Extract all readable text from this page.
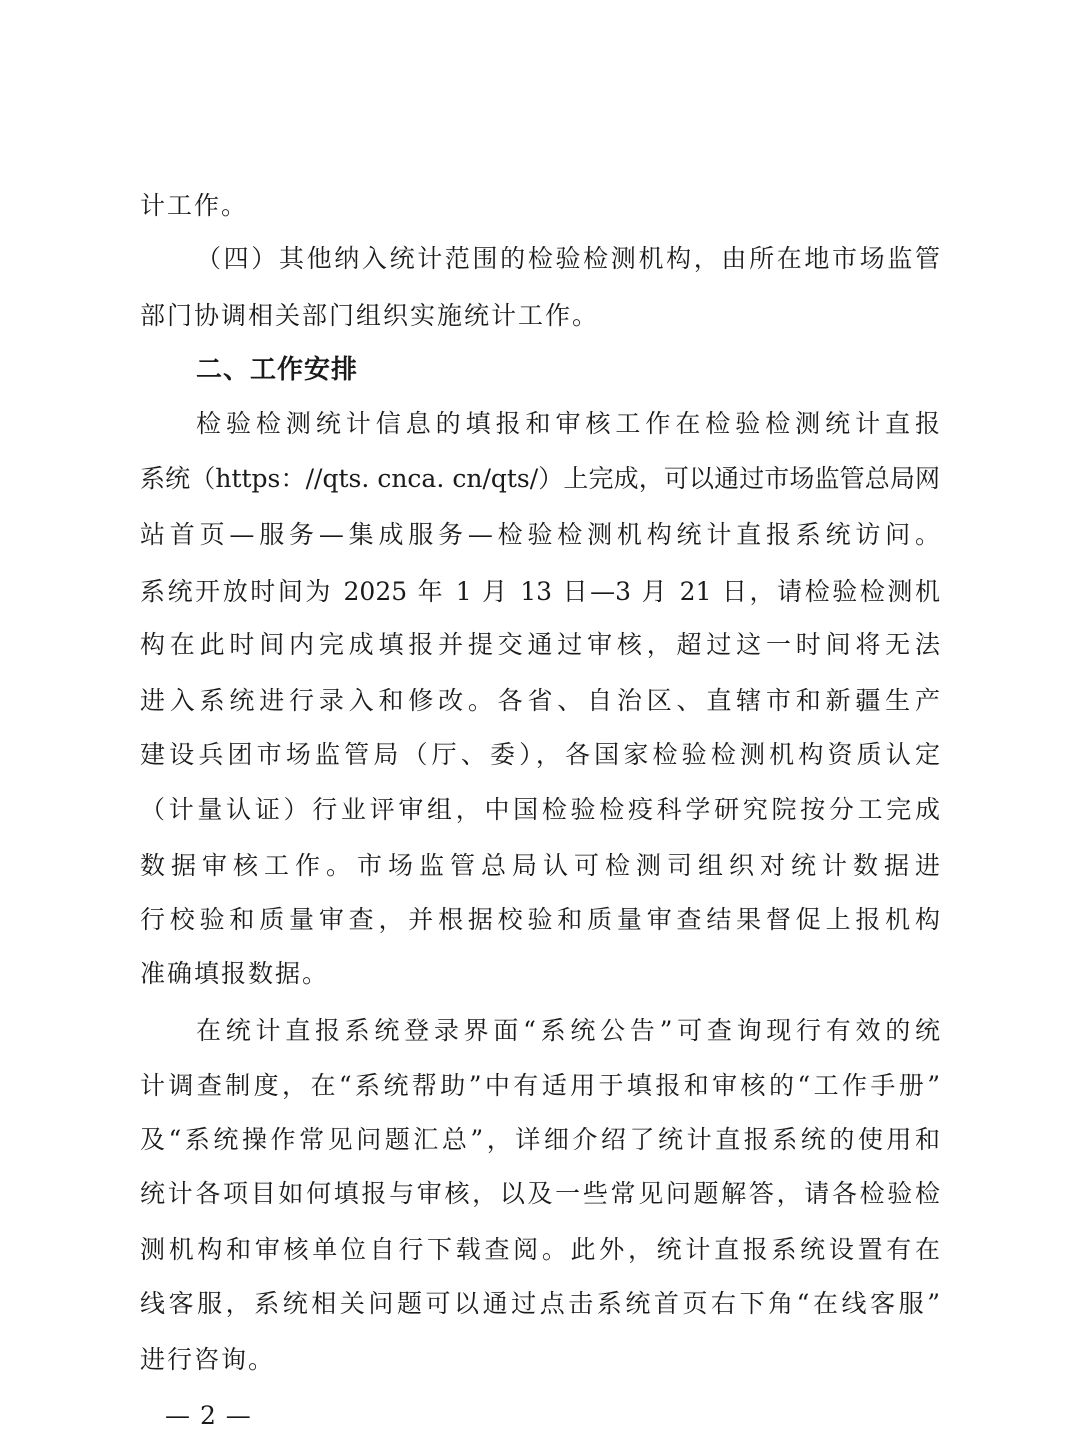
计工作。
（四）其他纳入统计范围的检验检测机构，由所在地市场监管
部门协调相关部门组织实施统计工作。
二、工作安排
检验检测统计信息的填报和审核工作在检验检测统计直报
系统（https：//qts. cnca. cn/qts/）上完成，可以通过市场监管总局网
站首页—服务—集成服务—检验检测机构统计直报系统访问。
系统开放时间为 2025 年 1 月 13 日—3 月 21 日，请检验检测机
构在此时间内完成填报并提交通过审核，超过这一时间将无法
进入系统进行录入和修改。各省、自治区、直辖市和新疆生产
建设兵团市场监管局（厅、委），各国家检验检测机构资质认定
（计量认证）行业评审组，中国检验检疫科学研究院按分工完成
数据审核工作。市场监管总局认可检测司组织对统计数据进
行校验和质量审查，并根据校验和质量审查结果督促上报机构
准确填报数据。
在统计直报系统登录界面“系统公告”可查询现行有效的统
计调查制度，在“系统帮助”中有适用于填报和审核的“工作手册”
及“系统操作常见问题汇总”，详细介绍了统计直报系统的使用和
统计各项目如何填报与审核，以及一些常见问题解答，请各检验检
测机构和审核单位自行下载查阅。此外，统计直报系统设置有在
线客服，系统相关问题可以通过点击系统首页右下角“在线客服”
进行咨询。
— 2 —
